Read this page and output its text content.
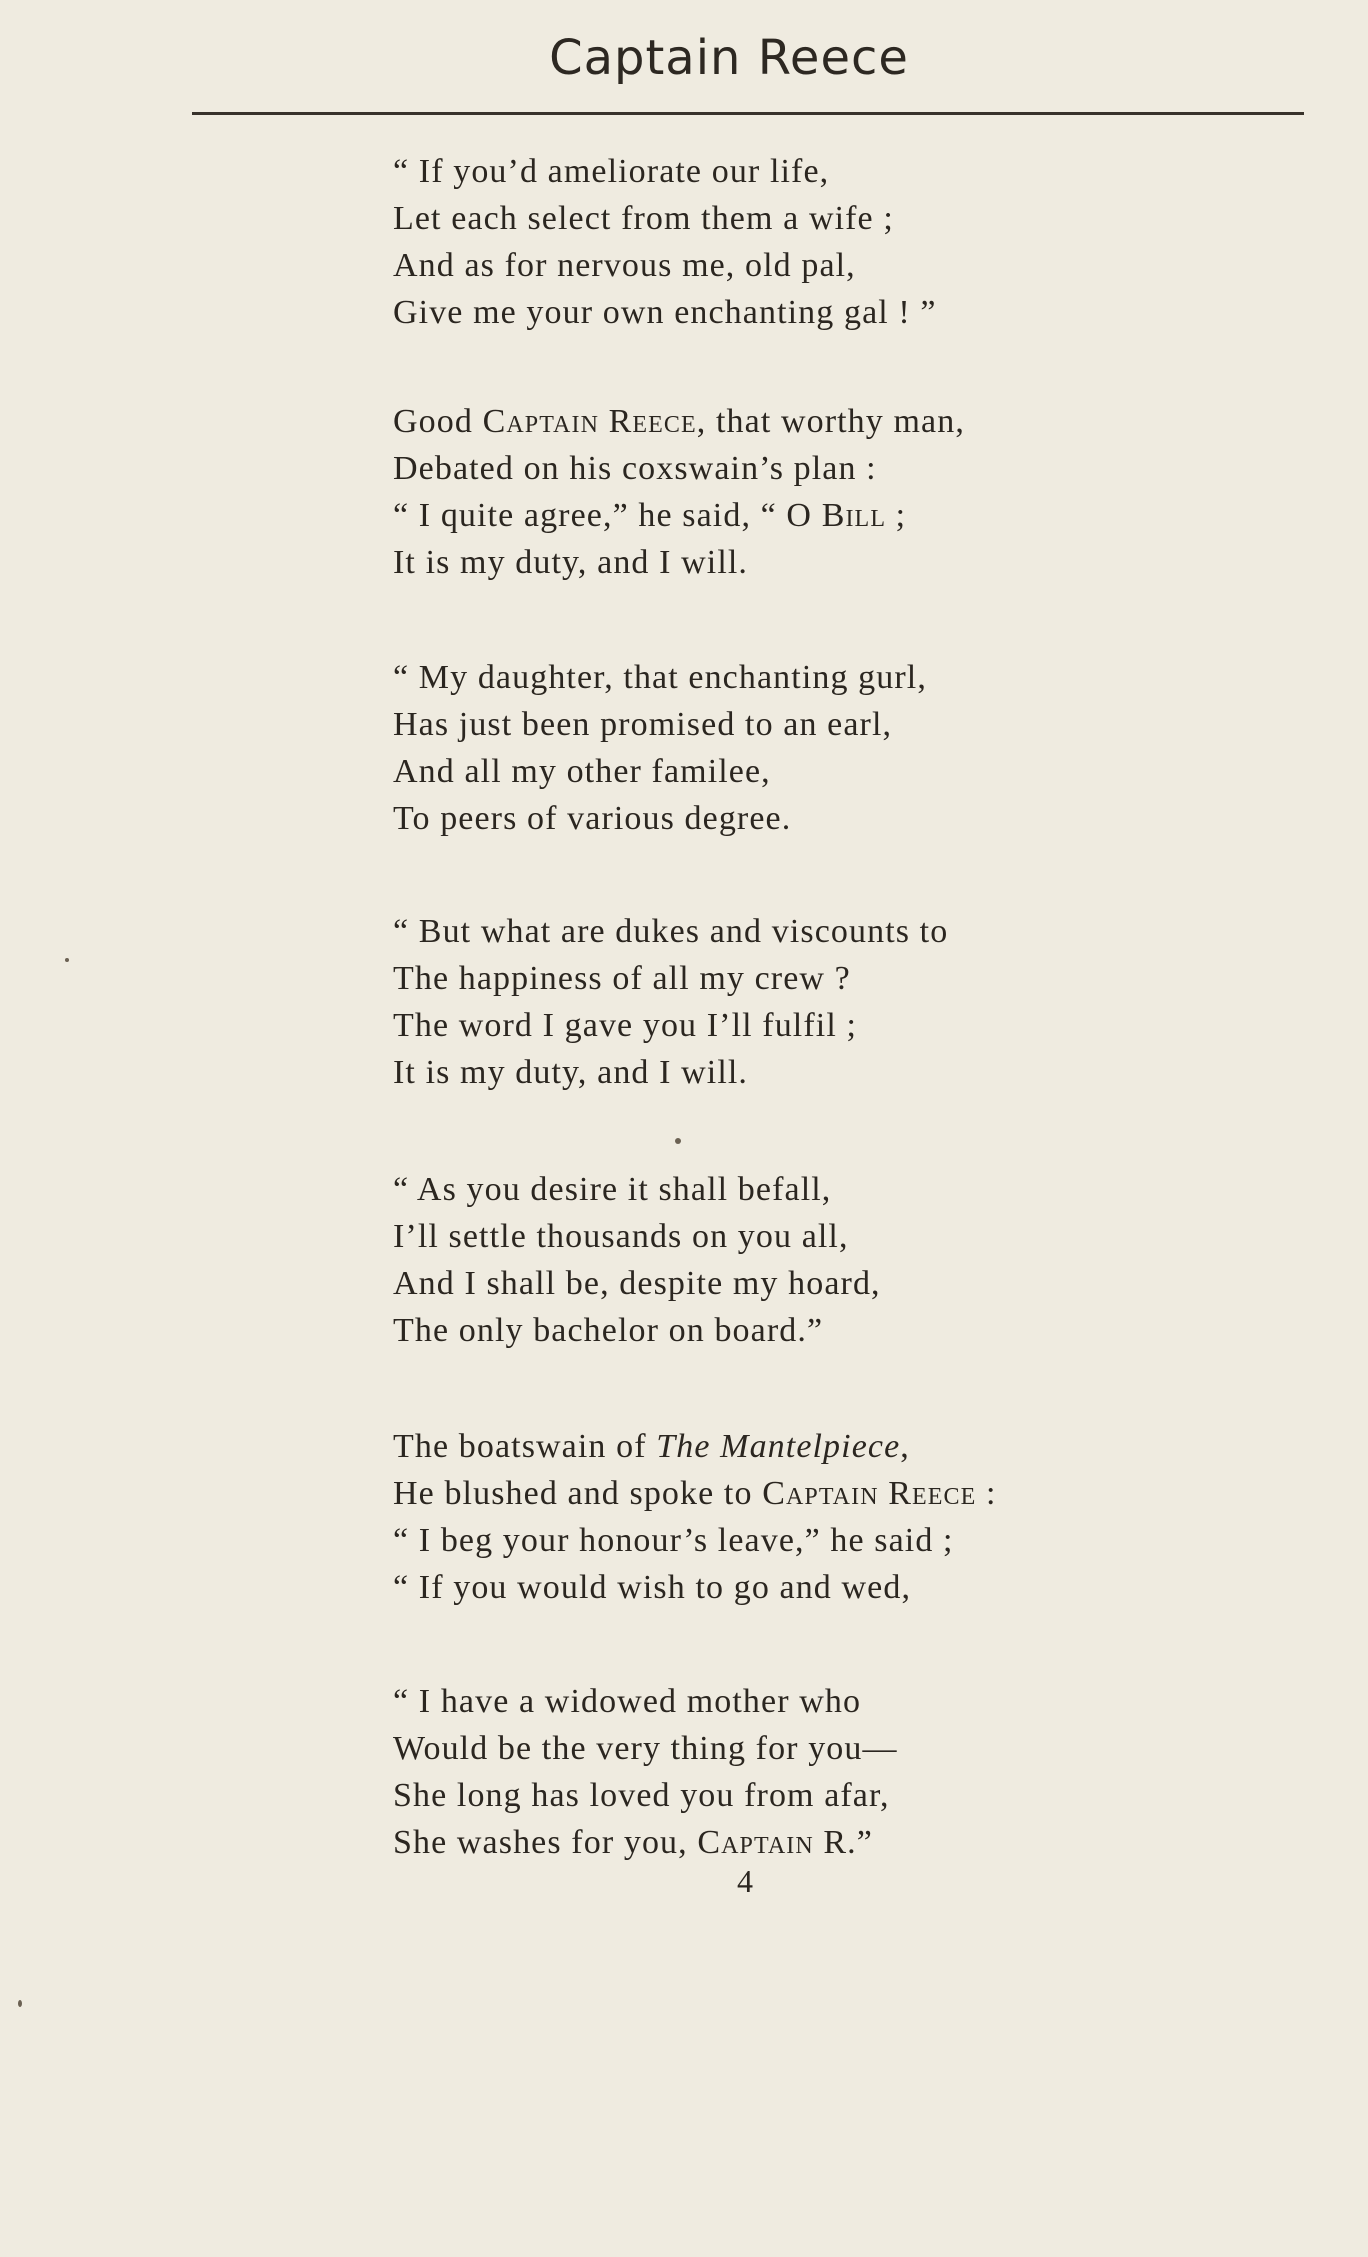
Captain Reece
“ If you’d ameliorate our life,
Let each select from them a wife ;
And as for nervous me, old pal,
Give me your own enchanting gal ! ”
Good Captain Reece, that worthy man,
Debated on his coxswain’s plan :
“ I quite agree,” he said, “ O Bill ;
It is my duty, and I will.
“ My daughter, that enchanting gurl,
Has just been promised to an earl,
And all my other familee,
To peers of various degree.
“ But what are dukes and viscounts to
The happiness of all my crew ?
The word I gave you I’ll fulfil ;
It is my duty, and I will.
“ As you desire it shall befall,
I’ll settle thousands on you all,
And I shall be, despite my hoard,
The only bachelor on board.”
The boatswain of The Mantelpiece,
He blushed and spoke to Captain Reece :
“ I beg your honour’s leave,” he said ;
“ If you would wish to go and wed,
“ I have a widowed mother who
Would be the very thing for you—
She long has loved you from afar,
She washes for you, Captain R.”
4
